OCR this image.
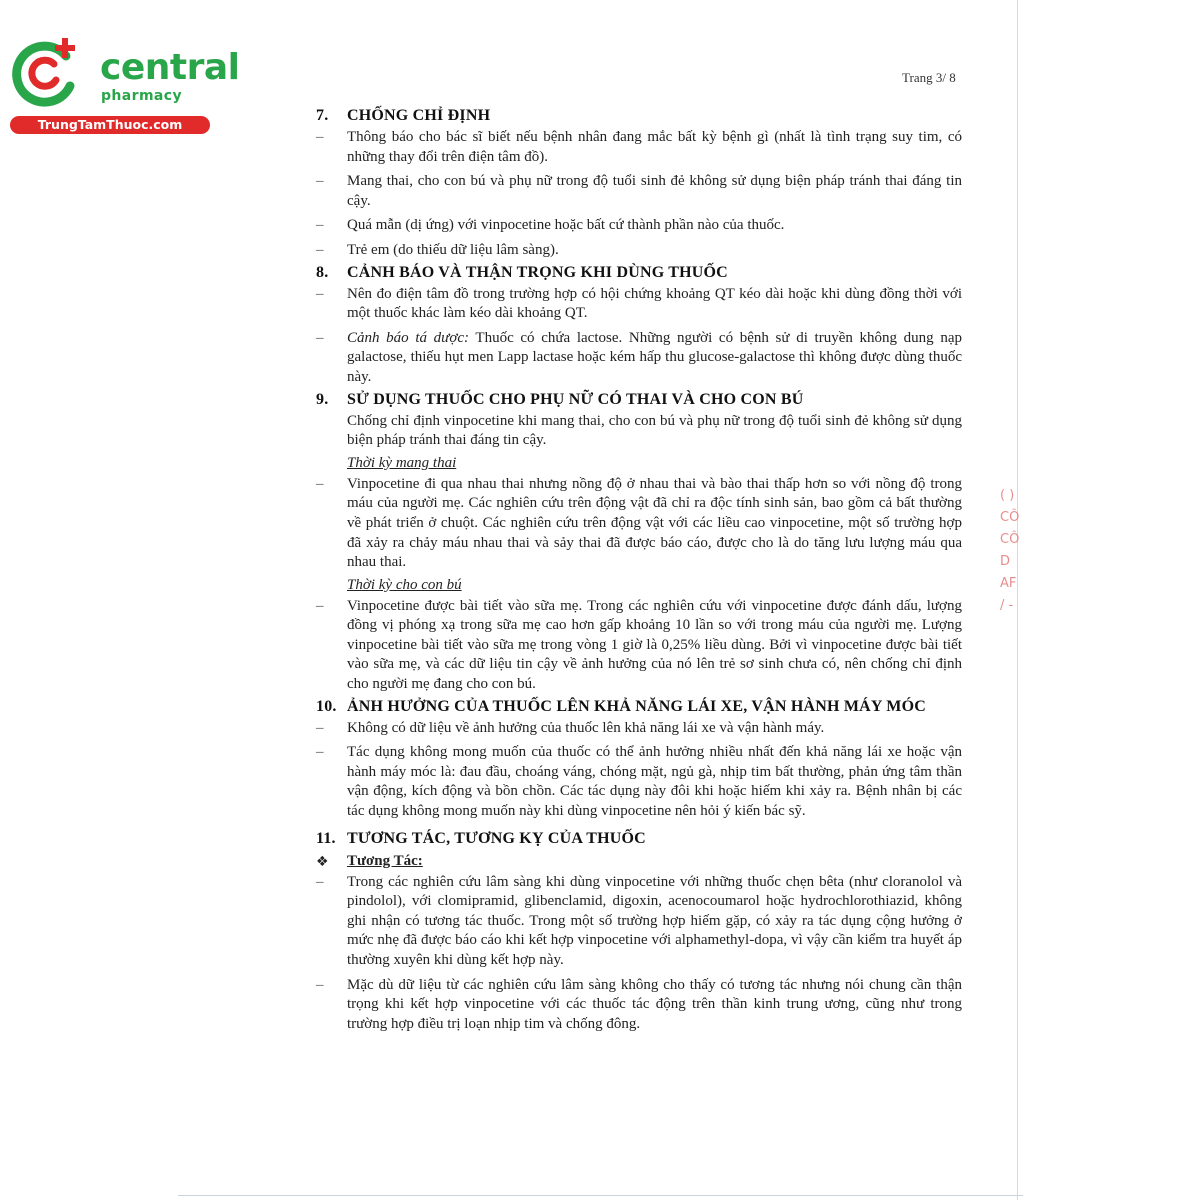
central
pharmacy
TrungTamThuoc.com
Trang 3/ 8
( )
CÔ
CÔ
D
AF
/ -
7.	CHỐNG CHỈ ĐỊNH

– Thông báo cho bác sĩ biết nếu bệnh nhân đang mắc bất kỳ bệnh gì (nhất là tình trạng suy tim, có những thay đổi trên điện tâm đồ).

– Mang thai, cho con bú và phụ nữ trong độ tuổi sinh đẻ không sử dụng biện pháp tránh thai đáng tin cậy.

– Quá mẫn (dị ứng) với vinpocetine hoặc bất cứ thành phần nào của thuốc.

– Trẻ em (do thiếu dữ liệu lâm sàng).

8.	CẢNH BÁO VÀ THẬN TRỌNG KHI DÙNG THUỐC

– Nên đo điện tâm đồ trong trường hợp có hội chứng khoảng QT kéo dài hoặc khi dùng đồng thời với một thuốc khác làm kéo dài khoảng QT.

– Cảnh báo tá dược: Thuốc có chứa lactose. Những người có bệnh sử di truyền không dung nạp galactose, thiếu hụt men Lapp lactase hoặc kém hấp thu glucose-galactose thì không được dùng thuốc này.

9.	SỬ DỤNG THUỐC CHO PHỤ NỮ CÓ THAI VÀ CHO CON BÚ

Chống chỉ định vinpocetine khi mang thai, cho con bú và phụ nữ trong độ tuổi sinh đẻ không sử dụng biện pháp tránh thai đáng tin cậy.

Thời kỳ mang thai

– Vinpocetine đi qua nhau thai nhưng nồng độ ở nhau thai và bào thai thấp hơn so với nồng độ trong máu của người mẹ. Các nghiên cứu trên động vật đã chỉ ra độc tính sinh sản, bao gồm cả bất thường về phát triển ở chuột. Các nghiên cứu trên động vật với các liều cao vinpocetine, một số trường hợp đã xảy ra chảy máu nhau thai và sảy thai đã được báo cáo, được cho là do tăng lưu lượng máu qua nhau thai.

Thời kỳ cho con bú

– Vinpocetine được bài tiết vào sữa mẹ. Trong các nghiên cứu với vinpocetine được đánh dấu, lượng đồng vị phóng xạ trong sữa mẹ cao hơn gấp khoảng 10 lần so với trong máu của người mẹ. Lượng vinpocetine bài tiết vào sữa mẹ trong vòng 1 giờ là 0,25% liều dùng. Bởi vì vinpocetine được bài tiết vào sữa mẹ, và các dữ liệu tin cậy về ảnh hưởng của nó lên trẻ sơ sinh chưa có, nên chống chỉ định cho người mẹ đang cho con bú.

10. ẢNH HƯỞNG CỦA THUỐC LÊN KHẢ NĂNG LÁI XE, VẬN HÀNH MÁY MÓC

– Không có dữ liệu về ảnh hưởng của thuốc lên khả năng lái xe và vận hành máy.

– Tác dụng không mong muốn của thuốc có thể ảnh hưởng nhiều nhất đến khả năng lái xe hoặc vận hành máy móc là: đau đầu, choáng váng, chóng mặt, ngủ gà, nhịp tim bất thường, phản ứng tâm thần vận động, kích động và bồn chồn. Các tác dụng này đôi khi hoặc hiếm khi xảy ra. Bệnh nhân bị các tác dụng không mong muốn này khi dùng vinpocetine nên hỏi ý kiến bác sỹ.

11. TƯƠNG TÁC, TƯƠNG KỴ CỦA THUỐC
❖	Tương Tác:

– Trong các nghiên cứu lâm sàng khi dùng vinpocetine với những thuốc chẹn bêta (như cloranolol và pindolol), với clomipramid, glibenclamid, digoxin, acenocoumarol hoặc hydrochlorothiazid, không ghi nhận có tương tác thuốc. Trong một số trường hợp hiếm gặp, có xảy ra tác dụng cộng hưởng ở mức nhẹ đã được báo cáo khi kết hợp vinpocetine với alphamethyl-dopa, vì vậy cần kiểm tra huyết áp thường xuyên khi dùng kết hợp này.

– Mặc dù dữ liệu từ các nghiên cứu lâm sàng không cho thấy có tương tác nhưng nói chung cần thận trọng khi kết hợp vinpocetine với các thuốc tác động trên thần kinh trung ương, cũng như trong trường hợp điều trị loạn nhịp tim và chống đông.
